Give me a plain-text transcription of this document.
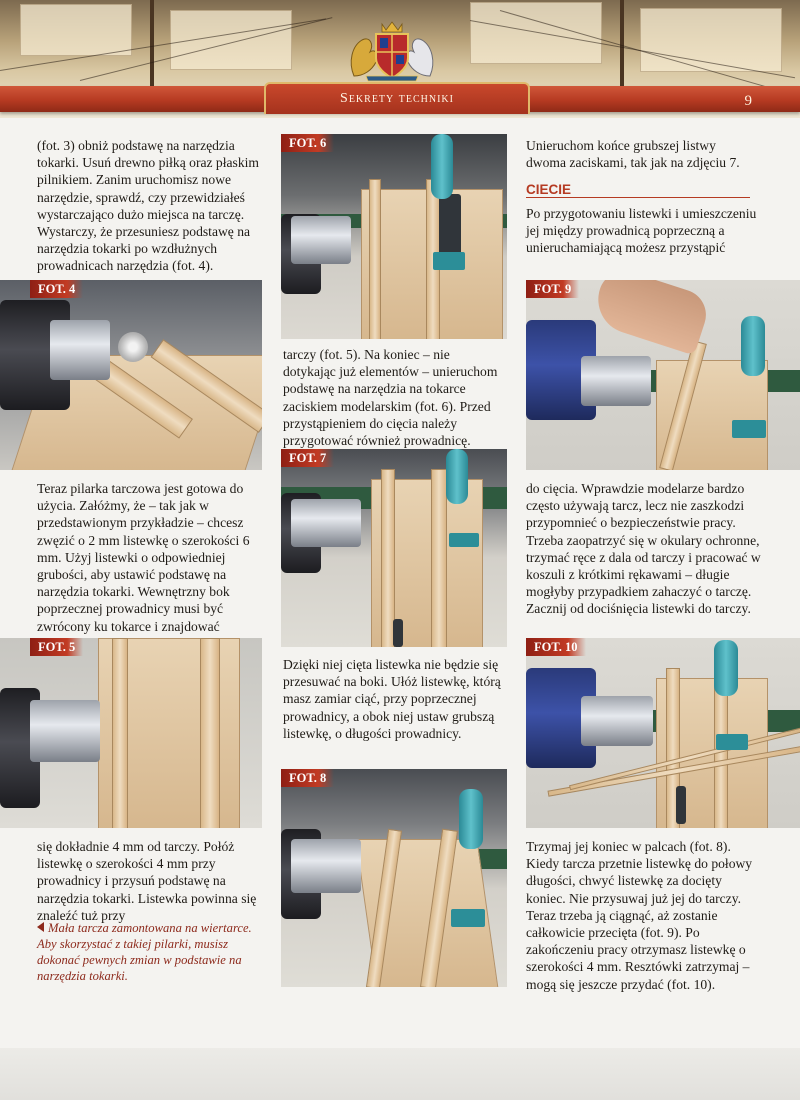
Sekrety techniki	9
(fot. 3) obniż podstawę na narzędzia tokarki. Usuń drewno piłką oraz płaskim pilnikiem. Zanim uruchomisz nowe narzędzie, sprawdź, czy przewidziałeś wystarczająco dużo miejsca na tarczę. Wystarczy, że przesuniesz podstawę na narzędzia tokarki po wzdłużnych prowadnicach narzędzia (fot. 4).
FOT. 4
Teraz pilarka tarczowa jest gotowa do użycia. Załóżmy, że – tak jak w przedstawionym przykładzie – chcesz zwęzić o 2 mm listewkę o szerokości 6 mm. Użyj listewki o odpowiedniej grubości, aby ustawić podstawę na narzędzia tokarki. Wewnętrzny bok poprzecznej prowadnicy musi być zwrócony ku tokarce i znajdować
FOT. 5
się dokładnie 4 mm od tarczy. Połóż listewkę o szerokości 4 mm przy prowadnicy i przysuń podstawę na narzędzia tokarki. Listewka powinna się znaleźć tuż przy
Mała tarcza zamontowana na wiertarce. Aby skorzystać z takiej pilarki, musisz dokonać pewnych zmian w podstawie na narzędzia tokarki.
FOT. 6
tarczy (fot. 5). Na koniec – nie dotykając już elementów – unieruchom podstawę na narzędzia na tokarce zaciskiem modelarskim (fot. 6). Przed przystąpieniem do cięcia należy przygotować również prowadnicę.
FOT. 7
Dzięki niej cięta listewka nie będzie się przesuwać na boki. Ułóż listewkę, którą masz zamiar ciąć, przy poprzecznej prowadnicy, a obok niej ustaw grubszą listewkę, o długości prowadnicy.
FOT. 8
Unieruchom końce grubszej listwy dwoma zaciskami, tak jak na zdjęciu 7.
CIECIE
Po przygotowaniu listewki i umieszczeniu jej między prowadnicą poprzeczną a unieruchamiającą możesz przystąpić
FOT. 9
do cięcia. Wprawdzie modelarze bardzo często używają tarcz, lecz nie zaszkodzi przypomnieć o bezpieczeństwie pracy. Trzeba zaopatrzyć się w okulary ochronne, trzymać ręce z dala od tarczy i pracować w koszuli z krótkimi rękawami – długie mogłyby przypadkiem zahaczyć o tarczę. Zacznij od dociśnięcia listewki do tarczy.
FOT. 10
Trzymaj jej koniec w palcach (fot. 8). Kiedy tarcza przetnie listewkę do połowy długości, chwyć listewkę za docięty koniec. Nie przysuwaj już jej do tarczy. Teraz trzeba ją ciągnąć, aż zostanie całkowicie przecięta (fot. 9). Po zakończeniu pracy otrzymasz listewkę o szerokości 4 mm. Resztówki zatrzymaj – mogą się jeszcze przydać (fot. 10).
